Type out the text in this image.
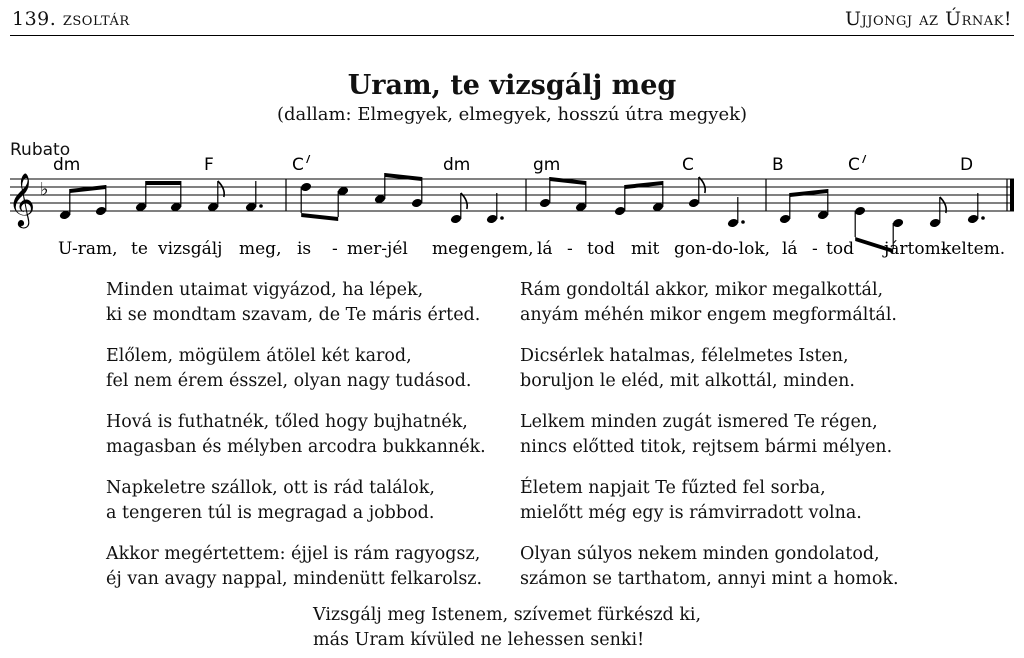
139. zsoltár	Ujjongj az Úrnak!
Uram, te vizsgálj meg
(dallam: Elmegyek, elmegyek, hosszú útra megyek)
Rubato
𝄞 ♭
dm	F	$C^7$	dm	gm	C	B	$C^7$	D
U-ram, te vizsgálj meg, is - mer-jél meg engem, lá - tod mit gon-do-lok, lá - tod jártom-
keltem.
Minden utaimat vigyázod, ha lépek,
ki se mondtam szavam, de Te máris érted.
Rám gondoltál akkor, mikor megalkottál,
anyám méhén mikor engem megformáltál.
Előlem, mögülem átölel két karod,
fel nem érem ésszel, olyan nagy tudásod.
Dicsérlek hatalmas, félelmetes Isten,
boruljon le eléd, mit alkottál, minden.
Hová is futhatnék, tőled hogy bujhatnék,
magasban és mélyben arcodra bukkannék.
Lelkem minden zugát ismered Te régen,
nincs előtted titok, rejtsem bármi mélyen.
Napkeletre szállok, ott is rád találok,
a tengeren túl is megragad a jobbod.
Életem napjait Te fűzted fel sorba,
mielőtt még egy is rámvirradott volna.
Akkor megértettem: éjjel is rám ragyogsz,
éj van avagy nappal, mindenütt felkarolsz.
Olyan súlyos nekem minden gondolatod,
számon se tarthatom, annyi mint a homok.
Vizsgálj meg Istenem, szívemet fürkészd ki,
más Uram kívüled ne lehessen senki!
